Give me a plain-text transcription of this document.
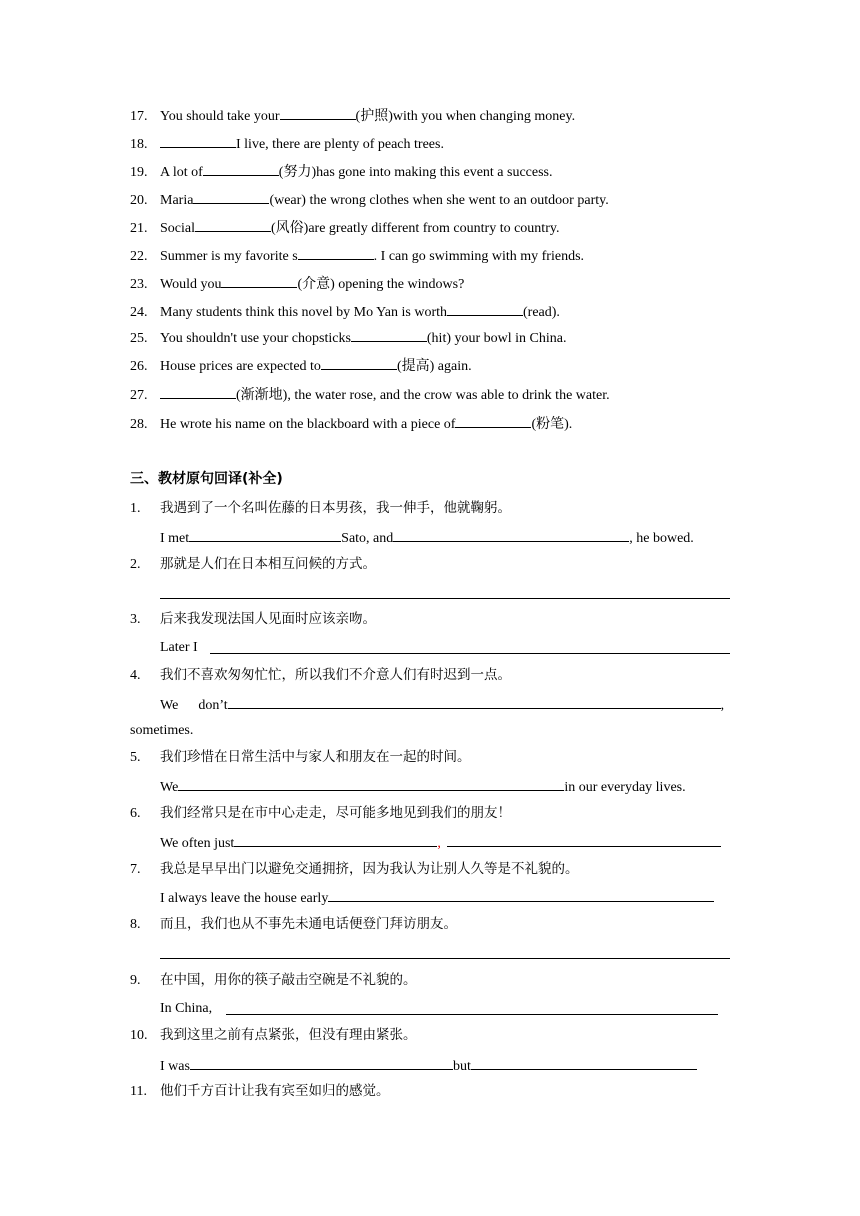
17. You should take your	(护照)with you when changing money.
18.	I live, there are plenty of peach trees.
19. A lot of	(努力)has gone into making this event a success.
20. Maria	(wear) the wrong clothes when she went to an outdoor party.
21. Social	(风俗)are greatly different from country to country.
22. Summer is my favorite s	. I can go swimming with my friends.
23. Would you	(介意) opening the windows?
24. Many students think this novel by Mo Yan is worth	(read).
25. You shouldn't use your chopsticks	(hit) your bowl in China.
26. House prices are expected to	(提高) again.
27.	(渐渐地), the water rose, and the crow was able to drink the water.
28. He wrote his name on the blackboard with a piece of	(粉笔).
三、教材原句回译(补全)
1. 我遇到了一个名叫佐藤的日本男孩，我一伸手，他就鞠躬。
I met	Sato, and	, he bowed.
2. 那就是人们在日本相互问候的方式。
3. 后来我发现法国人见面时应该亲吻。
Later I
4. 我们不喜欢匆匆忙忙，所以我们不介意人们有时迟到一点。
We don’t	,
sometimes.
5. 我们珍惜在日常生活中与家人和朋友在一起的时间。
We	in our everyday lives.
6. 我们经常只是在市中心走走，尽可能多地见到我们的朋友！
We often just	,
7. 我总是早早出门以避免交通拥挤，因为我认为让别人久等是不礼貌的。
I always leave the house early
8. 而且，我们也从不事先未通电话便登门拜访朋友。
9. 在中国，用你的筷子敲击空碗是不礼貌的。
In China,
10. 我到这里之前有点紧张，但没有理由紧张。
I was	but
11. 他们千方百计让我有宾至如归的感觉。
